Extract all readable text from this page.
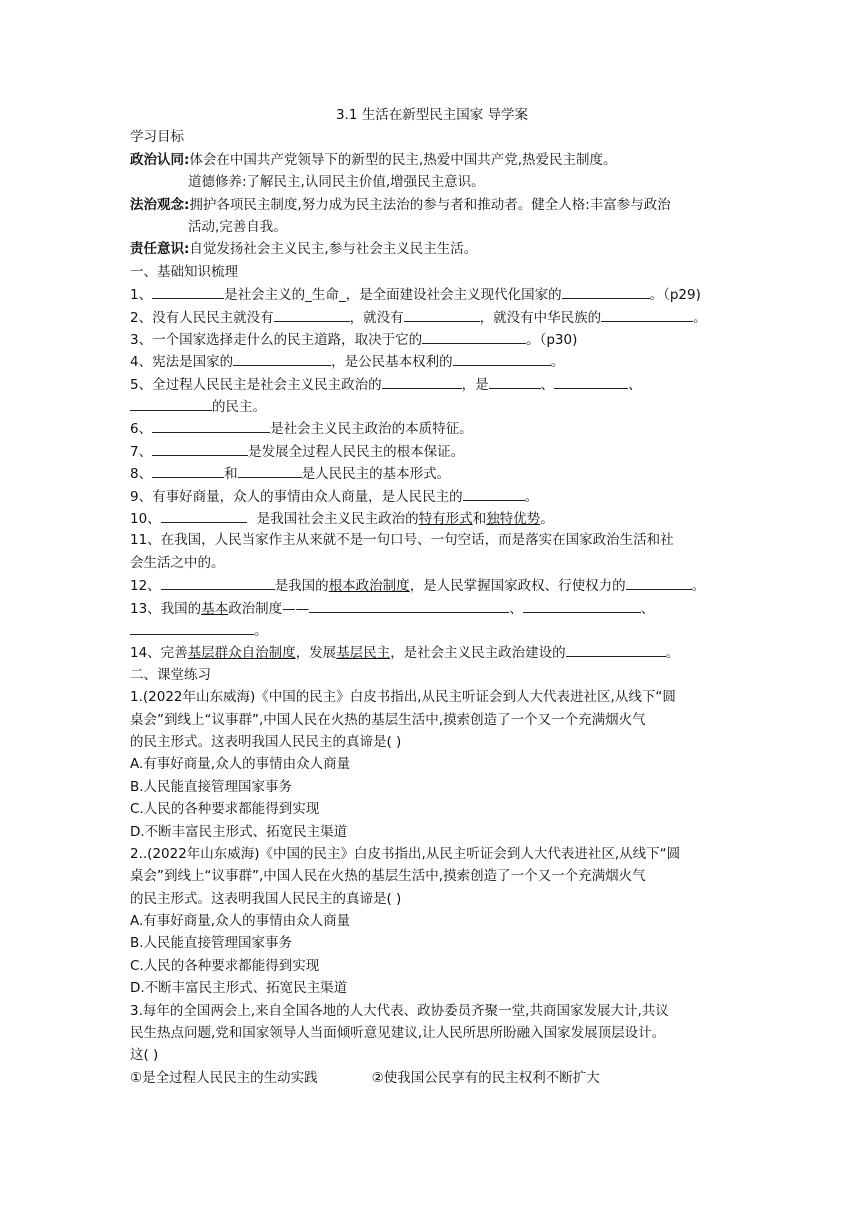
3.1 生活在新型民主国家 导学案
学习目标
政治认同:体会在中国共产党领导下的新型的民主,热爱中国共产党,热爱民主制度。
道德修养:了解民主,认同民主价值,增强民主意识。
法治观念:拥护各项民主制度,努力成为民主法治的参与者和推动者。健全人格:丰富参与政治
活动,完善自我。
责任意识:自觉发扬社会主义民主,参与社会主义民主生活。
一、基础知识梳理
1、	是社会主义的_生命_，是全面建设社会主义现代化国家的	。（p29)
2、没有人民民主就没有	，就没有	，就没有中华民族的	。
3、一个国家选择走什么的民主道路，取决于它的	。（p30)
4、宪法是国家的	，是公民基本权利的	。
5、全过程人民民主是社会主义民主政治的	，是	、	、
的民主。
6、	是社会主义民主政治的本质特征。
7、	是发展全过程人民民主的根本保证。
8、	和	是人民民主的基本形式。
9、有事好商量，众人的事情由众人商量，是人民民主的	。
10、	是我国社会主义民主政治的特有形式和独特优势。
11、在我国，人民当家作主从来就不是一句口号、一句空话，而是落实在国家政治生活和社
会生活之中的。
12、	是我国的根本政治制度，是人民掌握国家政权、行使权力的	。
13、我国的基本政治制度——	、	、
。
14、完善基层群众自治制度，发展基层民主，是社会主义民主政治建设的	。
二、课堂练习
1.(2022年山东威海)《中国的民主》白皮书指出,从民主听证会到人大代表进社区,从线下“圆
桌会”到线上“议事群”,中国人民在火热的基层生活中,摸索创造了一个又一个充满烟火气
的民主形式。这表明我国人民民主的真谛是( )
A.有事好商量,众人的事情由众人商量
B.人民能直接管理国家事务
C.人民的各种要求都能得到实现
D.不断丰富民主形式、拓宽民主渠道
2..(2022年山东威海)《中国的民主》白皮书指出,从民主听证会到人大代表进社区,从线下“圆
桌会”到线上“议事群”,中国人民在火热的基层生活中,摸索创造了一个又一个充满烟火气
的民主形式。这表明我国人民民主的真谛是( )
A.有事好商量,众人的事情由众人商量
B.人民能直接管理国家事务
C.人民的各种要求都能得到实现
D.不断丰富民主形式、拓宽民主渠道
3.每年的全国两会上,来自全国各地的人大代表、政协委员齐聚一堂,共商国家发展大计,共议
民生热点问题,党和国家领导人当面倾听意见建议,让人民所思所盼融入国家发展顶层设计。
这( )
①是全过程人民民主的生动实践	②使我国公民享有的民主权利不断扩大
